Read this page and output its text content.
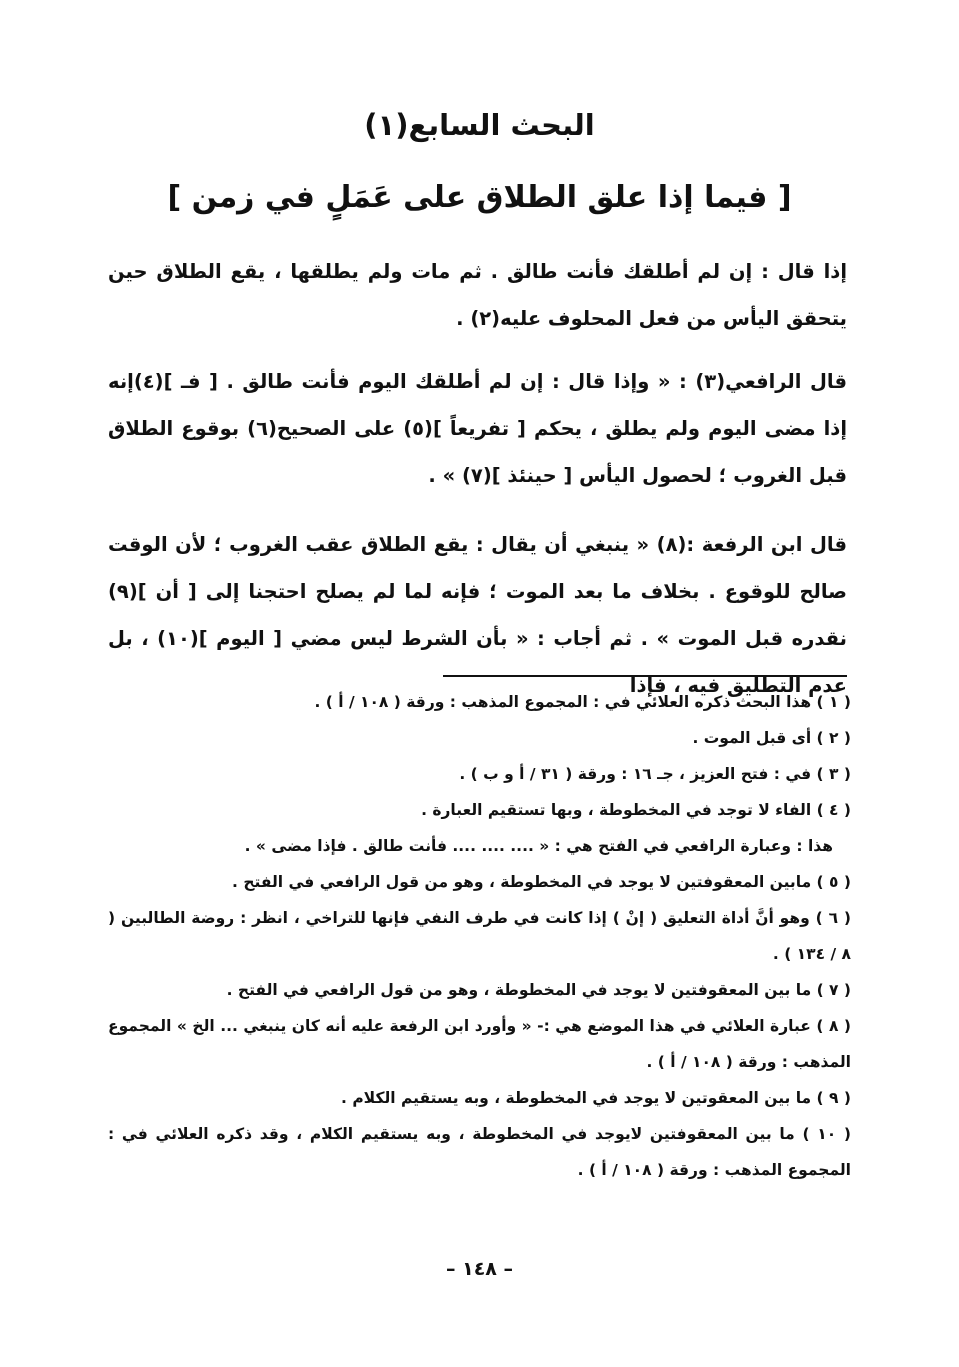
البحث السابع(١)
[ فيما إذا علق الطلاق على عَمَلٍ في زمن ]
إذا قال : إن لم أطلقك فأنت طالق . ثم مات ولم يطلقها ، يقع الطلاق حين يتحقق اليأس من فعل المحلوف عليه(٢) .
قال الرافعي(٣) : « وإذا قال : إن لم أطلقك اليوم فأنت طالق . [ فـ ](٤)إنه إذا مضى اليوم ولم يطلق ، يحكم [ تفريعاً ](٥) على الصحيح(٦) بوقوع الطلاق قبل الغروب ؛ لحصول اليأس [ حينئذ ](٧) » .
قال ابن الرفعة :(٨) « ينبغي أن يقال : يقع الطلاق عقب الغروب ؛ لأن الوقت صالح للوقوع . بخلاف ما بعد الموت ؛ فإنه لما لم يصلح احتجنا إلى [ أن ](٩) نقدره قبل الموت » . ثم أجاب : « بأن الشرط ليس مضي [ اليوم ](١٠) ، بل عدم التطليق فيه ، فإذا
( ١ ) هذا البحث ذكره العلائي في : المجموع المذهب : ورقة ( ١٠٨ / أ ) .
( ٢ ) أى قبل الموت .
( ٣ ) في : فتح العزيز ، جـ ١٦ : ورقة ( ٣١ / أ و ب ) .
( ٤ ) الفاء لا توجد في المخطوطة ، وبها تستقيم العبارة .
هذا : وعبارة الرافعي في الفتح هي : « .... .... .... فأنت طالق . فإذا مضى » .
( ٥ ) مابين المعقوفتين لا يوجد في المخطوطة ، وهو من قول الرافعي في الفتح .
( ٦ ) وهو أنَّ أداة التعليق ( إنْ ) إذا كانت في طرف النفي فإنها للتراخي ، انظر : روضة الطالبين ( ٨ / ١٣٤ ) .
( ٧ ) ما بين المعقوفتين لا يوجد في المخطوطة ، وهو من قول الرافعي في الفتح .
( ٨ ) عبارة العلائي في هذا الموضع هي :- « وأورد ابن الرفعة عليه أنه كان ينبغي ... الخ » المجموع المذهب : ورقة ( ١٠٨ / أ ) .
( ٩ ) ما بين المعقوتين لا يوجد في المخطوطة ، وبه يستقيم الكلام .
( ١٠ ) ما بين المعقوفتين لايوجد في المخطوطة ، وبه يستقيم الكلام ، وقد ذكره العلائي في : المجموع المذهب : ورقة ( ١٠٨ / أ ) .
– ١٤٨ –
